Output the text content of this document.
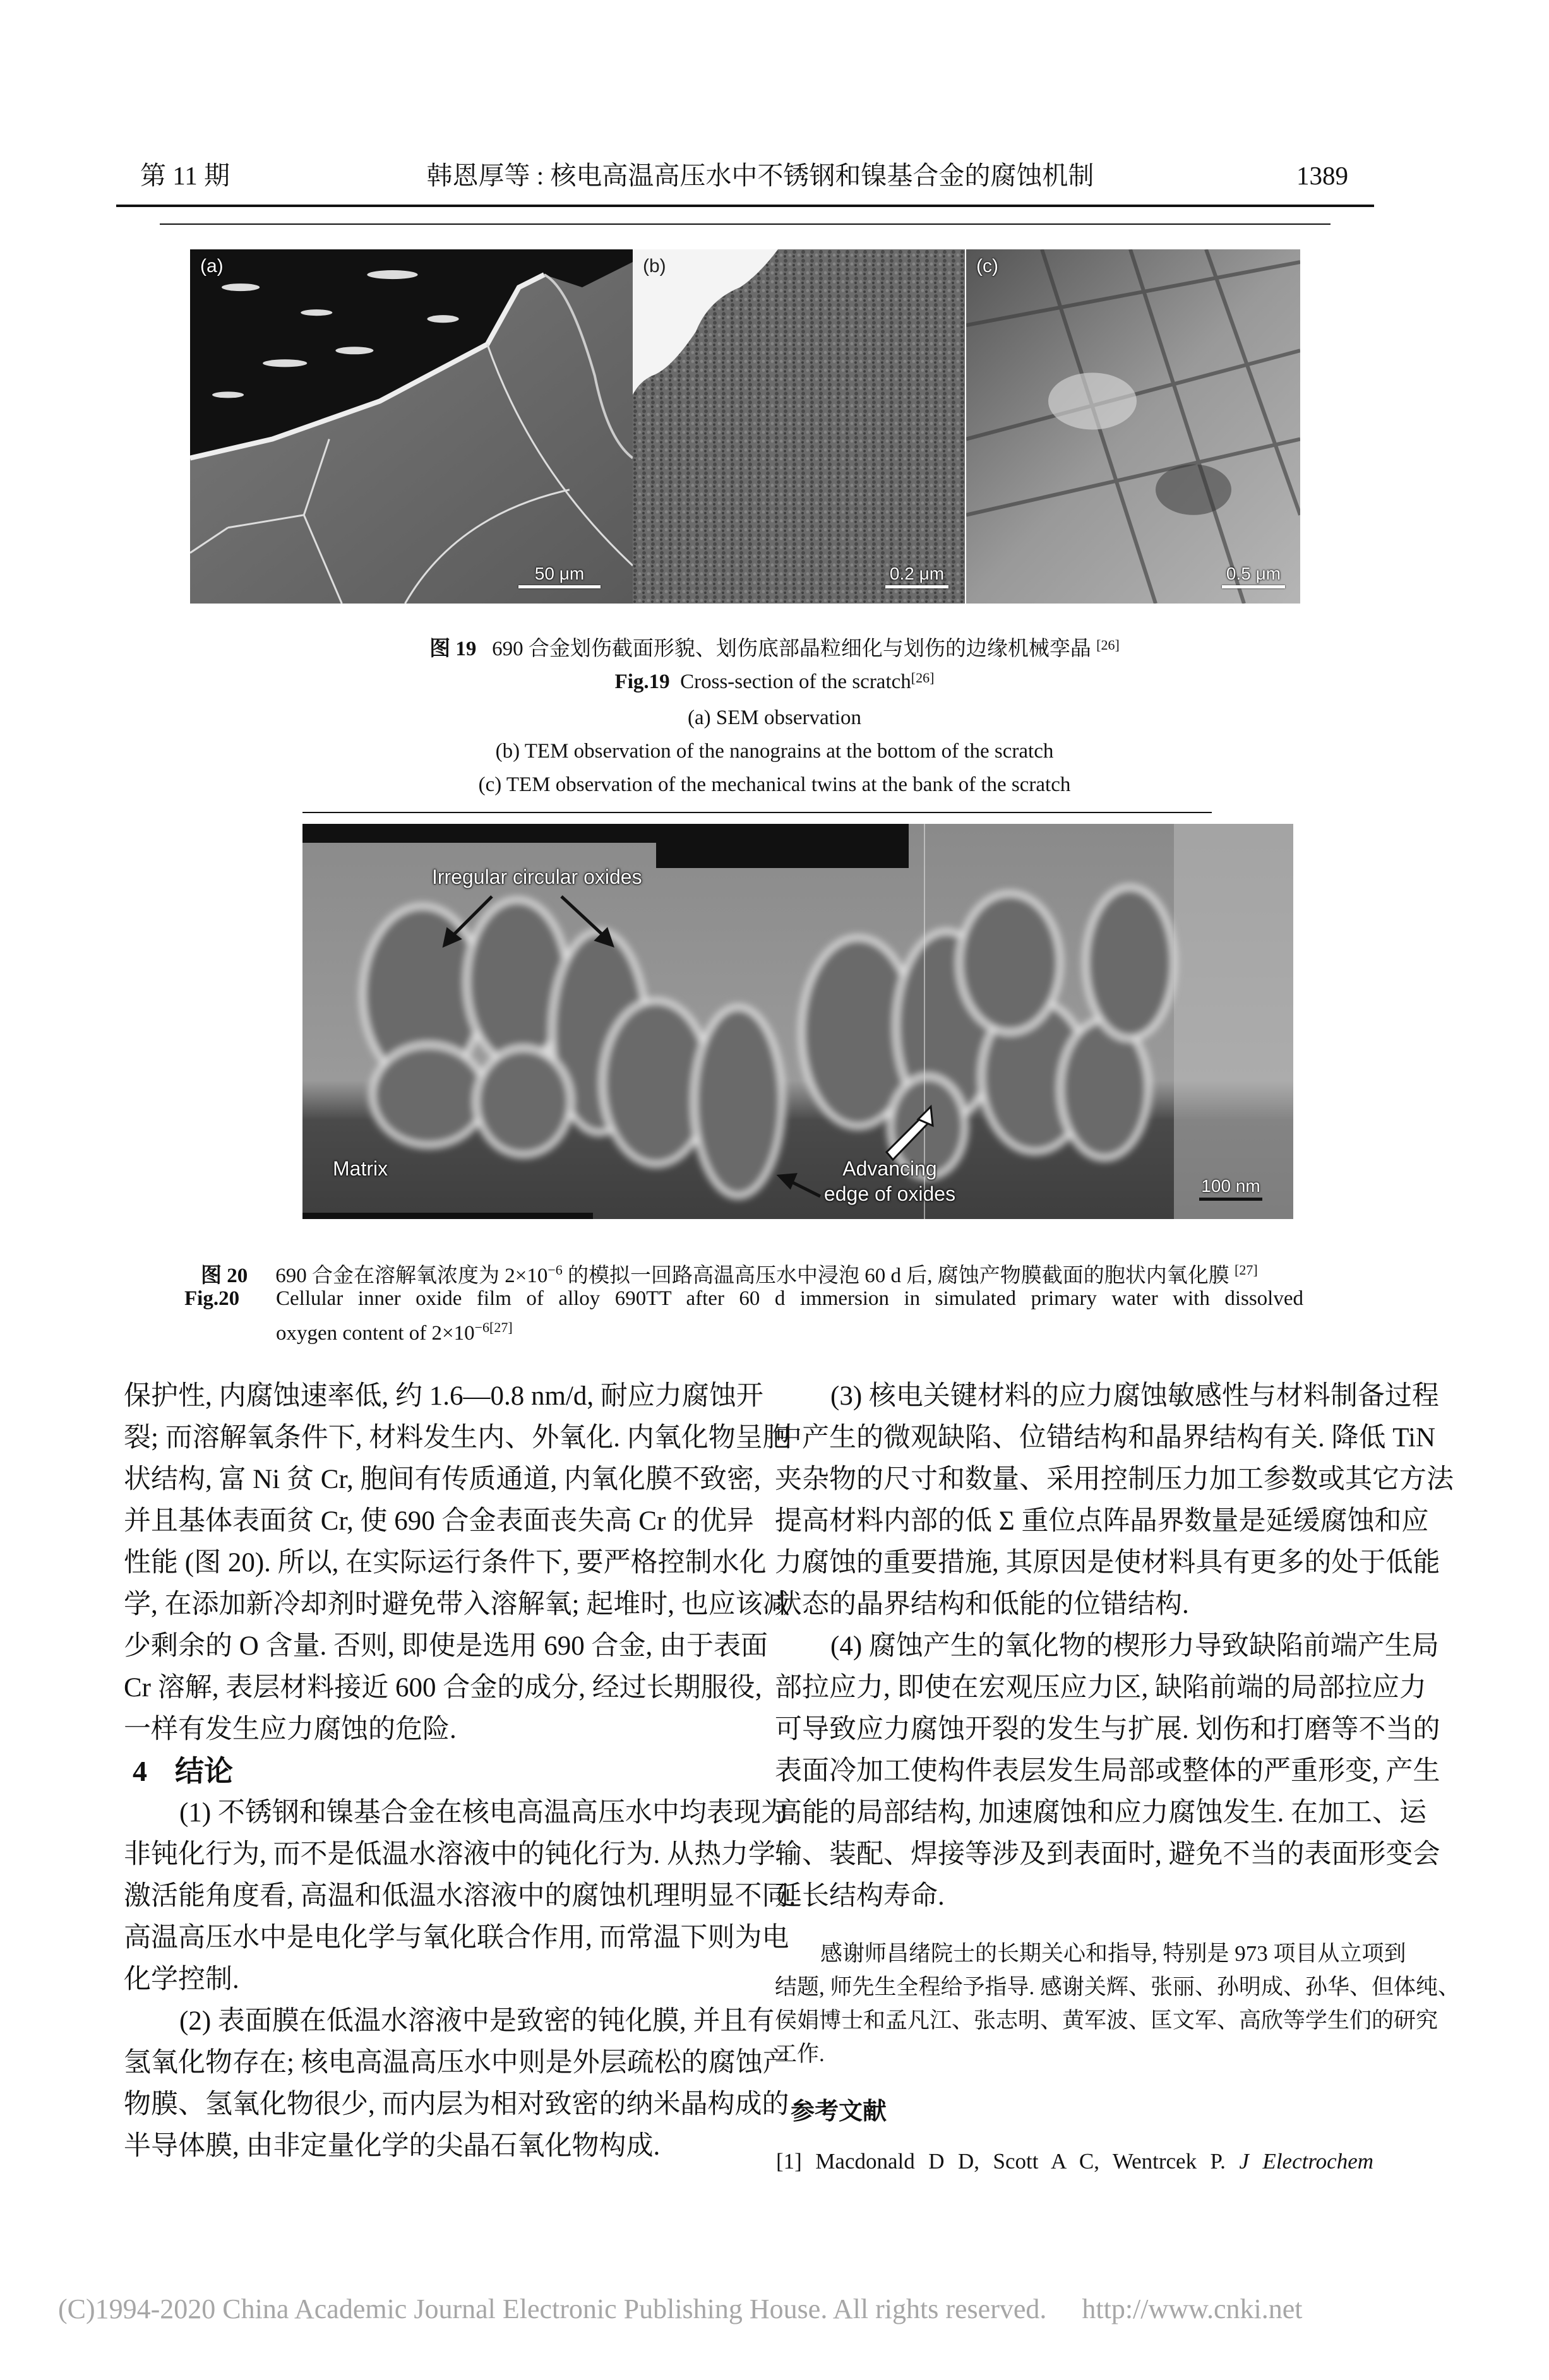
第 11 期	韩恩厚等 : 核电高温高压水中不锈钢和镍基合金的腐蚀机制	1389
(a)
50 μm
(b)
0.2 μm
(c)
0.5 μm
图 19 690 合金划伤截面形貌、划伤底部晶粒细化与划伤的边缘机械孪晶 [26]
Fig.19 Cross-section of the scratch[26]
(a) SEM observation
(b) TEM observation of the nanograins at the bottom of the scratch
(c) TEM observation of the mechanical twins at the bank of the scratch
Irregular circular oxides
Matrix	Advancing
edge of oxides	100 nm
图 20 690 合金在溶解氧浓度为 $2\times 10^{-6}$ 的模拟一回路高温高压水中浸泡 60 d 后, 腐蚀产物膜截面的胞状内氧化膜 [27]
Fig.20 Cellular inner oxide film of alloy 690TT after 60 d immersion in simulated primary water with dissolved
oxygen content of $2\times 10^{-6[27]}$
保护性, 内腐蚀速率低, 约 1.6—0.8 nm/d, 耐应力腐蚀开
裂; 而溶解氧条件下, 材料发生内、外氧化. 内氧化物呈胞
状结构, 富 Ni 贫 Cr, 胞间有传质通道, 内氧化膜不致密,
并且基体表面贫 Cr, 使 690 合金表面丧失高 Cr 的优异
性能 (图 20). 所以, 在实际运行条件下, 要严格控制水化
学, 在添加新冷却剂时避免带入溶解氧; 起堆时, 也应该减
少剩余的 O 含量. 否则, 即使是选用 690 合金, 由于表面
Cr 溶解, 表层材料接近 600 合金的成分, 经过长期服役,
一样有发生应力腐蚀的危险.
4 结论
(1) 不锈钢和镍基合金在核电高温高压水中均表现为
非钝化行为, 而不是低温水溶液中的钝化行为. 从热力学
激活能角度看, 高温和低温水溶液中的腐蚀机理明显不同.
高温高压水中是电化学与氧化联合作用, 而常温下则为电
化学控制.
(2) 表面膜在低温水溶液中是致密的钝化膜, 并且有
氢氧化物存在; 核电高温高压水中则是外层疏松的腐蚀产
物膜、氢氧化物很少, 而内层为相对致密的纳米晶构成的
半导体膜, 由非定量化学的尖晶石氧化物构成.
(3) 核电关键材料的应力腐蚀敏感性与材料制备过程
中产生的微观缺陷、位错结构和晶界结构有关. 降低 TiN
夹杂物的尺寸和数量、采用控制压力加工参数或其它方法
提高材料内部的低 Σ 重位点阵晶界数量是延缓腐蚀和应
力腐蚀的重要措施, 其原因是使材料具有更多的处于低能
状态的晶界结构和低能的位错结构.
(4) 腐蚀产生的氧化物的楔形力导致缺陷前端产生局
部拉应力, 即使在宏观压应力区, 缺陷前端的局部拉应力
可导致应力腐蚀开裂的发生与扩展. 划伤和打磨等不当的
表面冷加工使构件表层发生局部或整体的严重形变, 产生
高能的局部结构, 加速腐蚀和应力腐蚀发生. 在加工、运
输、装配、焊接等涉及到表面时, 避免不当的表面形变会
延长结构寿命.
感谢师昌绪院士的长期关心和指导, 特别是 973 项目从立项到
结题, 师先生全程给予指导. 感谢关辉、张丽、孙明成、孙华、但体纯、
侯娟博士和孟凡江、张志明、黄军波、匡文军、高欣等学生们的研究
工作.
参考文献
[1] Macdonald D D, Scott A C, Wentrcek P. J Electrochem
(C)1994-2020 China Academic Journal Electronic Publishing House. All rights reserved. http://www.cnki.net
